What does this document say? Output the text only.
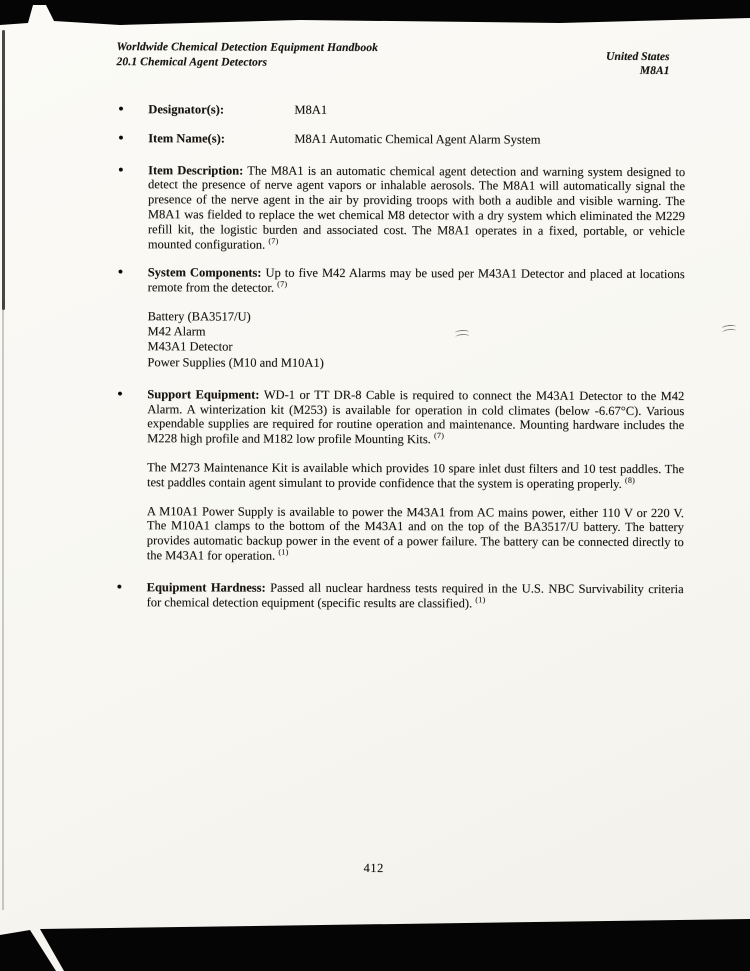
Worldwide Chemical Detection Equipment Handbook
20.1 Chemical Agent Detectors	United States
M8A1
● Designator(s):	M8A1
● Item Name(s):	M8A1 Automatic Chemical Agent Alarm System
● Item Description: The M8A1 is an automatic chemical agent detection and warning system designed to detect the presence of nerve agent vapors or inhalable aerosols. The M8A1 will automatically signal the presence of the nerve agent in the air by providing troops with both a audible and visible warning. The M8A1 was fielded to replace the wet chemical M8 detector with a dry system which eliminated the M229 refill kit, the logistic burden and associated cost. The M8A1 operates in a fixed, portable, or vehicle mounted configuration. $^{(7)}$

● System Components: Up to five M42 Alarms may be used per M43A1 Detector and placed at locations remote from the detector. $^{(7)}$

Battery (BA3517/U)
M42 Alarm
M43A1 Detector
Power Supplies (M10 and M10A1)
● Support Equipment: WD-1 or TT DR-8 Cable is required to connect the M43A1 Detector to the M42 Alarm. A winterization kit (M253) is available for operation in cold climates (below -6.67°C). Various expendable supplies are required for routine operation and maintenance. Mounting hardware includes the M228 high profile and M182 low profile Mounting Kits. $^{(7)}$

The M273 Maintenance Kit is available which provides 10 spare inlet dust filters and 10 test paddles. The test paddles contain agent simulant to provide confidence that the system is operating properly. $^{(8)}$

A M10A1 Power Supply is available to power the M43A1 from AC mains power, either 110 V or 220 V. The M10A1 clamps to the bottom of the M43A1 and on the top of the BA3517/U battery. The battery provides automatic backup power in the event of a power failure. The battery can be connected directly to the M43A1 for operation. $^{(1)}$

● Equipment Hardness: Passed all nuclear hardness tests required in the U.S. NBC Survivability criteria for chemical detection equipment (specific results are classified). $^{(1)}$

412
